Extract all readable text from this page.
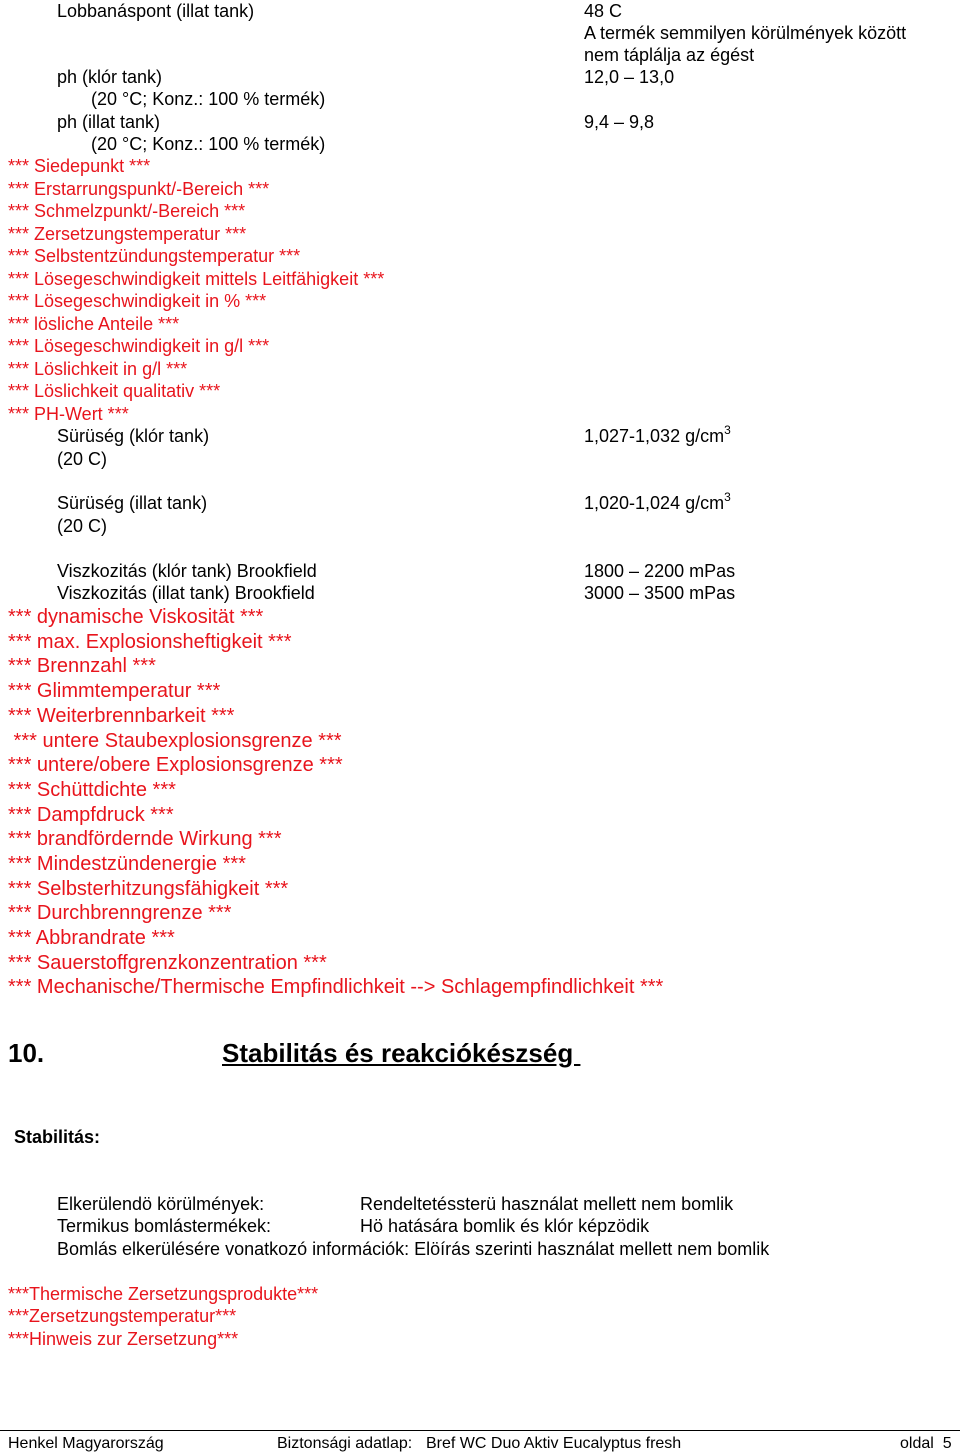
Lobbanáspont (illat tank)	48 C
A termék semmilyen körülmények között
nem táplálja az égést
ph (klór tank)	12,0 – 13,0
(20 °C; Konz.: 100 % termék)
ph (illat tank)	9,4 – 9,8
(20 °C; Konz.: 100 % termék)
*** Siedepunkt ***
*** Erstarrungspunkt/-Bereich ***
*** Schmelzpunkt/-Bereich ***
*** Zersetzungstemperatur ***
*** Selbstentzündungstemperatur ***
*** Lösegeschwindigkeit mittels Leitfähigkeit ***
*** Lösegeschwindigkeit in % ***
*** lösliche Anteile ***
*** Lösegeschwindigkeit in g/l ***
*** Löslichkeit in g/l ***
*** Löslichkeit qualitativ ***
*** PH-Wert ***
Sürüség (klór tank)	1,027-1,032 $g/cm^3$
(20 C)
Sürüség (illat tank)	1,020-1,024 $g/cm^3$
(20 C)
Viszkozitás (klór tank) Brookfield	1800 – 2200 mPas
Viszkozitás (illat tank) Brookfield	3000 – 3500 mPas
*** dynamische Viskosität ***
*** max. Explosionsheftigkeit ***
*** Brennzahl ***
*** Glimmtemperatur ***
*** Weiterbrennbarkeit ***
*** untere Staubexplosionsgrenze ***
*** untere/obere Explosionsgrenze ***
*** Schüttdichte ***
*** Dampfdruck ***
*** brandfördernde Wirkung ***
*** Mindestzündenergie ***
*** Selbsterhitzungsfähigkeit ***
*** Durchbrenngrenze ***
*** Abbrandrate ***
*** Sauerstoffgrenzkonzentration ***
*** Mechanische/Thermische Empfindlichkeit --> Schlagempfindlichkeit ***
10.	Stabilitás és reakciókészség
Stabilitás:
Elkerülendö körülmények:	Rendeltetéssterü használat mellett nem bomlik
Termikus bomlástermékek:	Hö hatására bomlik és klór képzödik
Bomlás elkerülésére vonatkozó információk: Elöírás szerinti használat mellett nem bomlik
***Thermische Zersetzungsprodukte***
***Zersetzungstemperatur***
***Hinweis zur Zersetzung***
Henkel Magyarország	Biztonsági adatlap: Bref WC Duo Aktiv Eucalyptus fresh	oldal 5
